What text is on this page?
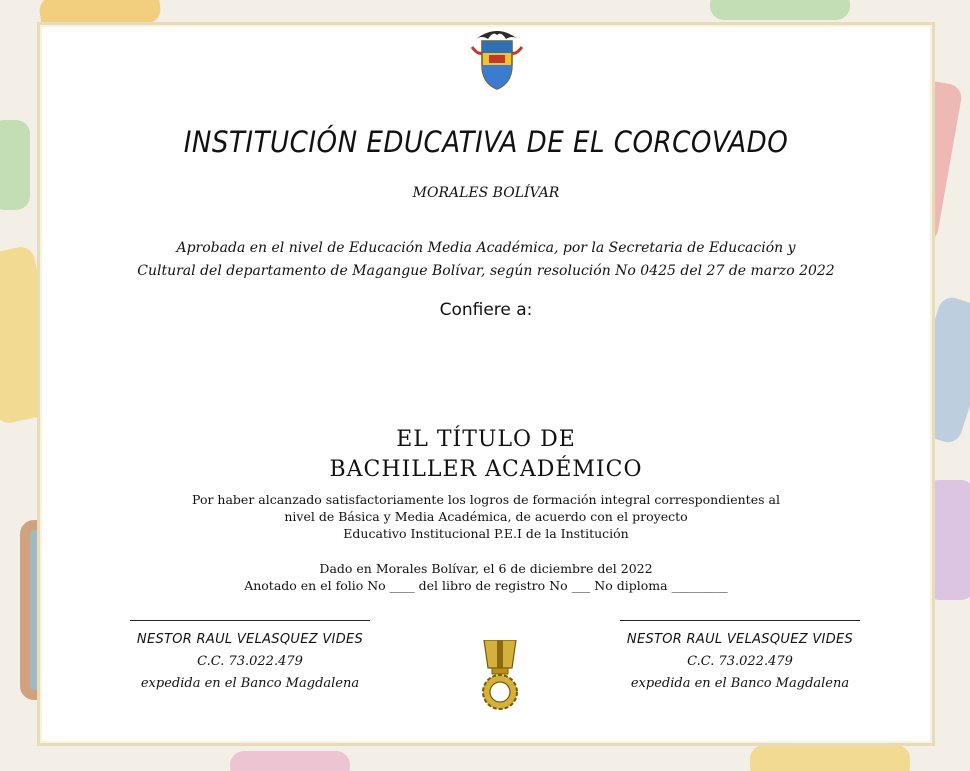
INSTITUCIÓN EDUCATIVA DE EL CORCOVADO
MORALES BOLÍVAR
Aprobada en el nivel de Educación Media Académica, por la Secretaria de Educación y
Cultural del departamento de Magangue Bolívar, según resolución No 0425 del 27 de marzo 2022
Confiere a:
EL TÍTULO DE
BACHILLER ACADÉMICO
Por haber alcanzado satisfactoriamente los logros de formación integral correspondientes al
nivel de Básica y Media Académica, de acuerdo con el proyecto
Educativo Institucional P.E.I de la Institución
Dado en Morales Bolívar, el 6 de diciembre del 2022
Anotado en el folio No ____ del libro de registro No ___ No diploma _________
NESTOR RAUL VELASQUEZ VIDES
C.C. 73.022.479
expedida en el Banco Magdalena
NESTOR RAUL VELASQUEZ VIDES
C.C. 73.022.479
expedida en el Banco Magdalena
